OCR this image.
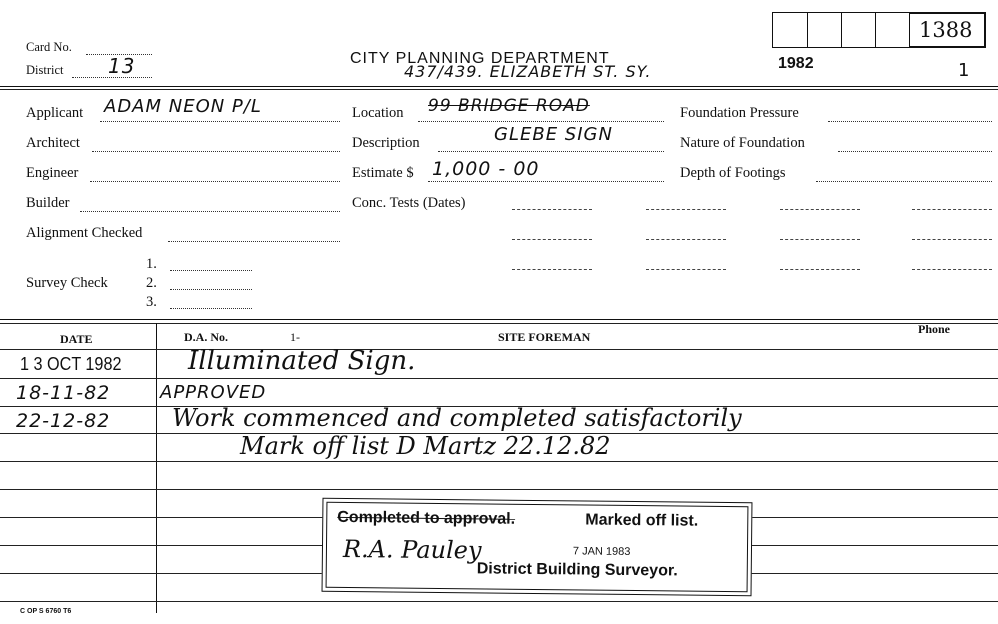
1388
1
Card No.
District 13	CITY PLANNING DEPARTMENT
437/439. ELIZABETH ST. SY.	1982
Applicant ADAM NEON P/L
Architect
Engineer
Builder
Alignment Checked
Survey Check
1.
2.
3.
Location 99 BRIDGE ROAD
Description	GLEBE SIGN
Estimate $ 1,000 - 00
Conc. Tests (Dates)
Foundation Pressure
Nature of Foundation
Depth of Footings
DATE	D.A. No.	1-	SITE FOREMAN
Phone
1 3 OCT 1982	Illuminated Sign.
18-11-82	APPROVED
22-12-82	Work commenced and completed satisfactorily
Mark off list D Martz 22.12.82
Completed to approval.	Marked off list.
7 JAN 1983
R.A. Pauley
District Building Surveyor.
C OP S 6760 T6
